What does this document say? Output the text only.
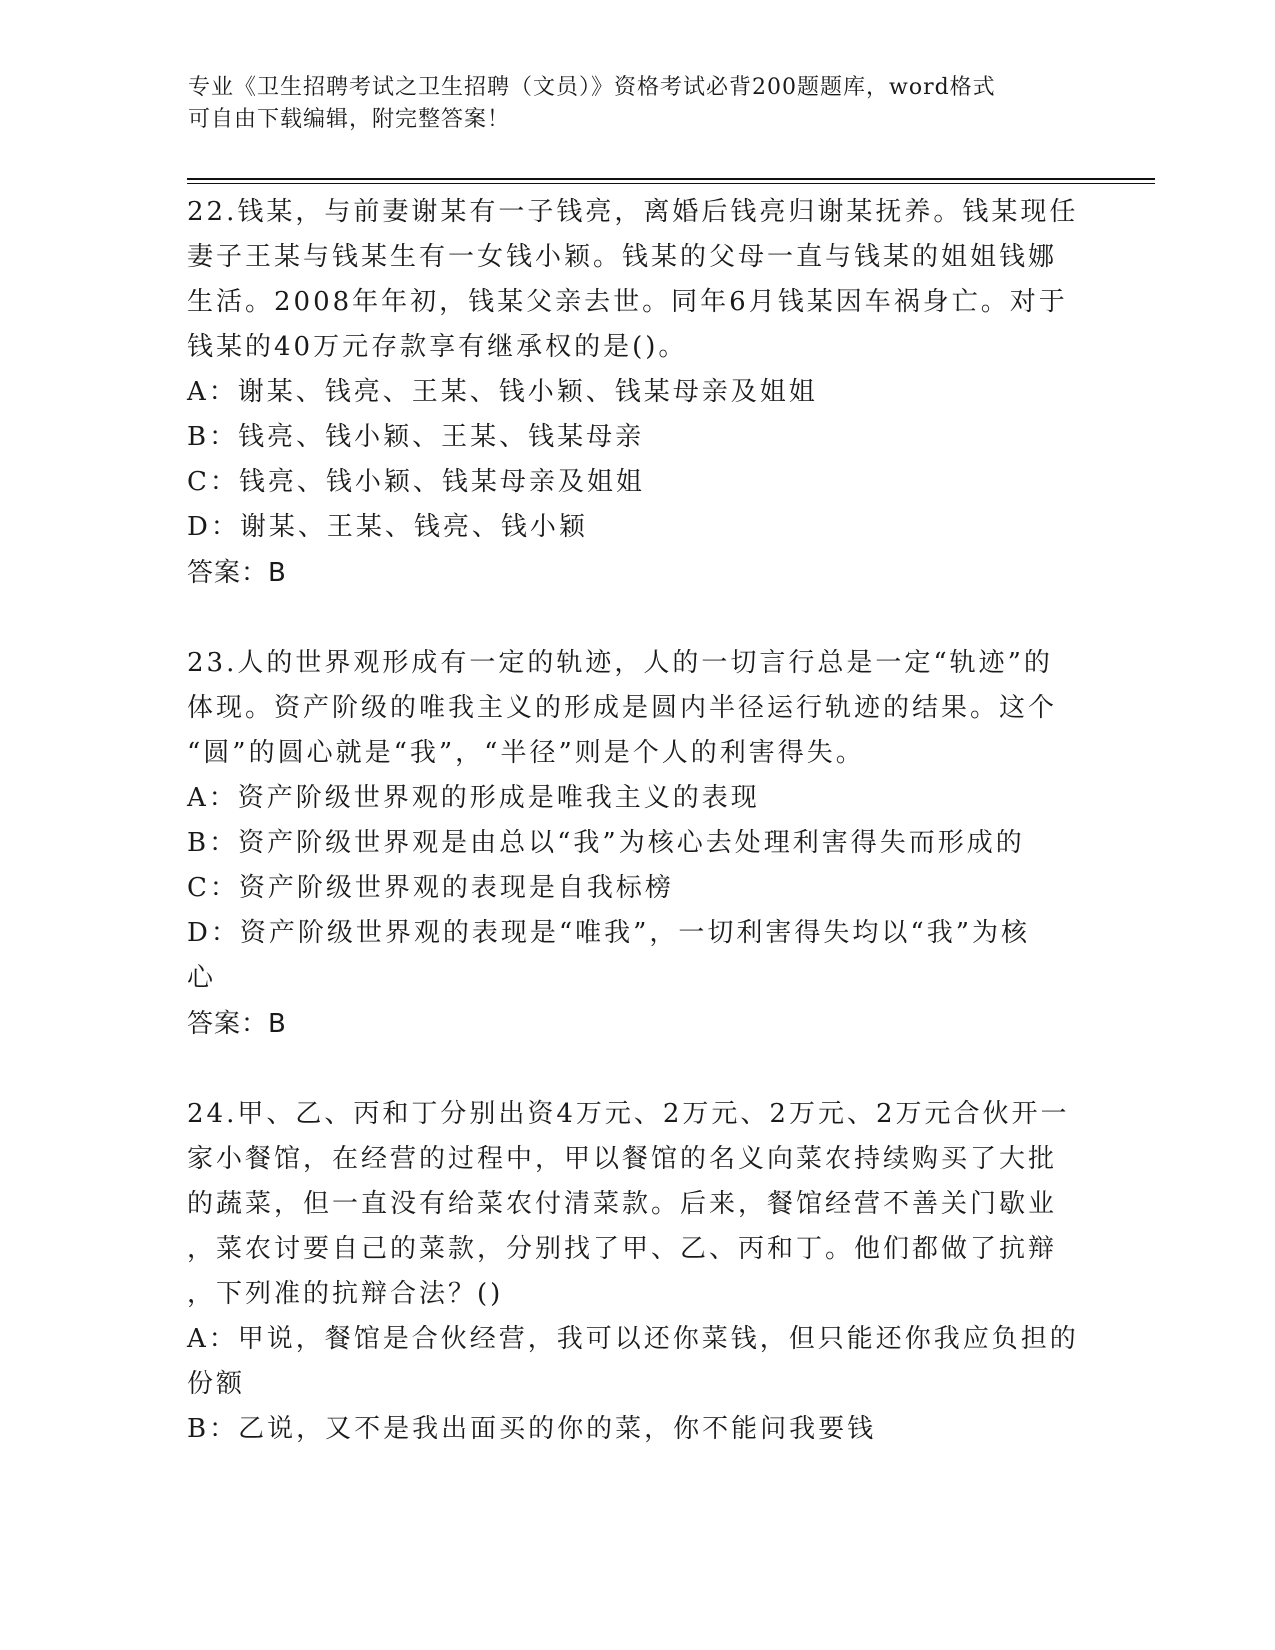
专业《卫生招聘考试之卫生招聘（文员）》资格考试必背200题题库，word格式
可自由下载编辑，附完整答案！

22.钱某，与前妻谢某有一子钱亮，离婚后钱亮归谢某抚养。钱某现任

妻子王某与钱某生有一女钱小颖。钱某的父母一直与钱某的姐姐钱娜

生活。2008年年初，钱某父亲去世。同年6月钱某因车祸身亡。对于

钱某的40万元存款享有继承权的是()。

A：谢某、钱亮、王某、钱小颖、钱某母亲及姐姐

B：钱亮、钱小颖、王某、钱某母亲

C：钱亮、钱小颖、钱某母亲及姐姐

D：谢某、王某、钱亮、钱小颖

答案：B

23.人的世界观形成有一定的轨迹，人的一切言行总是一定“轨迹”的

体现。资产阶级的唯我主义的形成是圆内半径运行轨迹的结果。这个

“圆”的圆心就是“我”，“半径”则是个人的利害得失。

A：资产阶级世界观的形成是唯我主义的表现

B：资产阶级世界观是由总以“我”为核心去处理利害得失而形成的

C：资产阶级世界观的表现是自我标榜

D：资产阶级世界观的表现是“唯我”，一切利害得失均以“我”为核

心

答案：B

24.甲、乙、丙和丁分别出资4万元、2万元、2万元、2万元合伙开一

家小餐馆，在经营的过程中，甲以餐馆的名义向菜农持续购买了大批

的蔬菜，但一直没有给菜农付清菜款。后来，餐馆经营不善关门歇业

，菜农讨要自己的菜款，分别找了甲、乙、丙和丁。他们都做了抗辩

，下列准的抗辩合法？()

A：甲说，餐馆是合伙经营，我可以还你菜钱，但只能还你我应负担的

份额

B：乙说，又不是我出面买的你的菜，你不能问我要钱
